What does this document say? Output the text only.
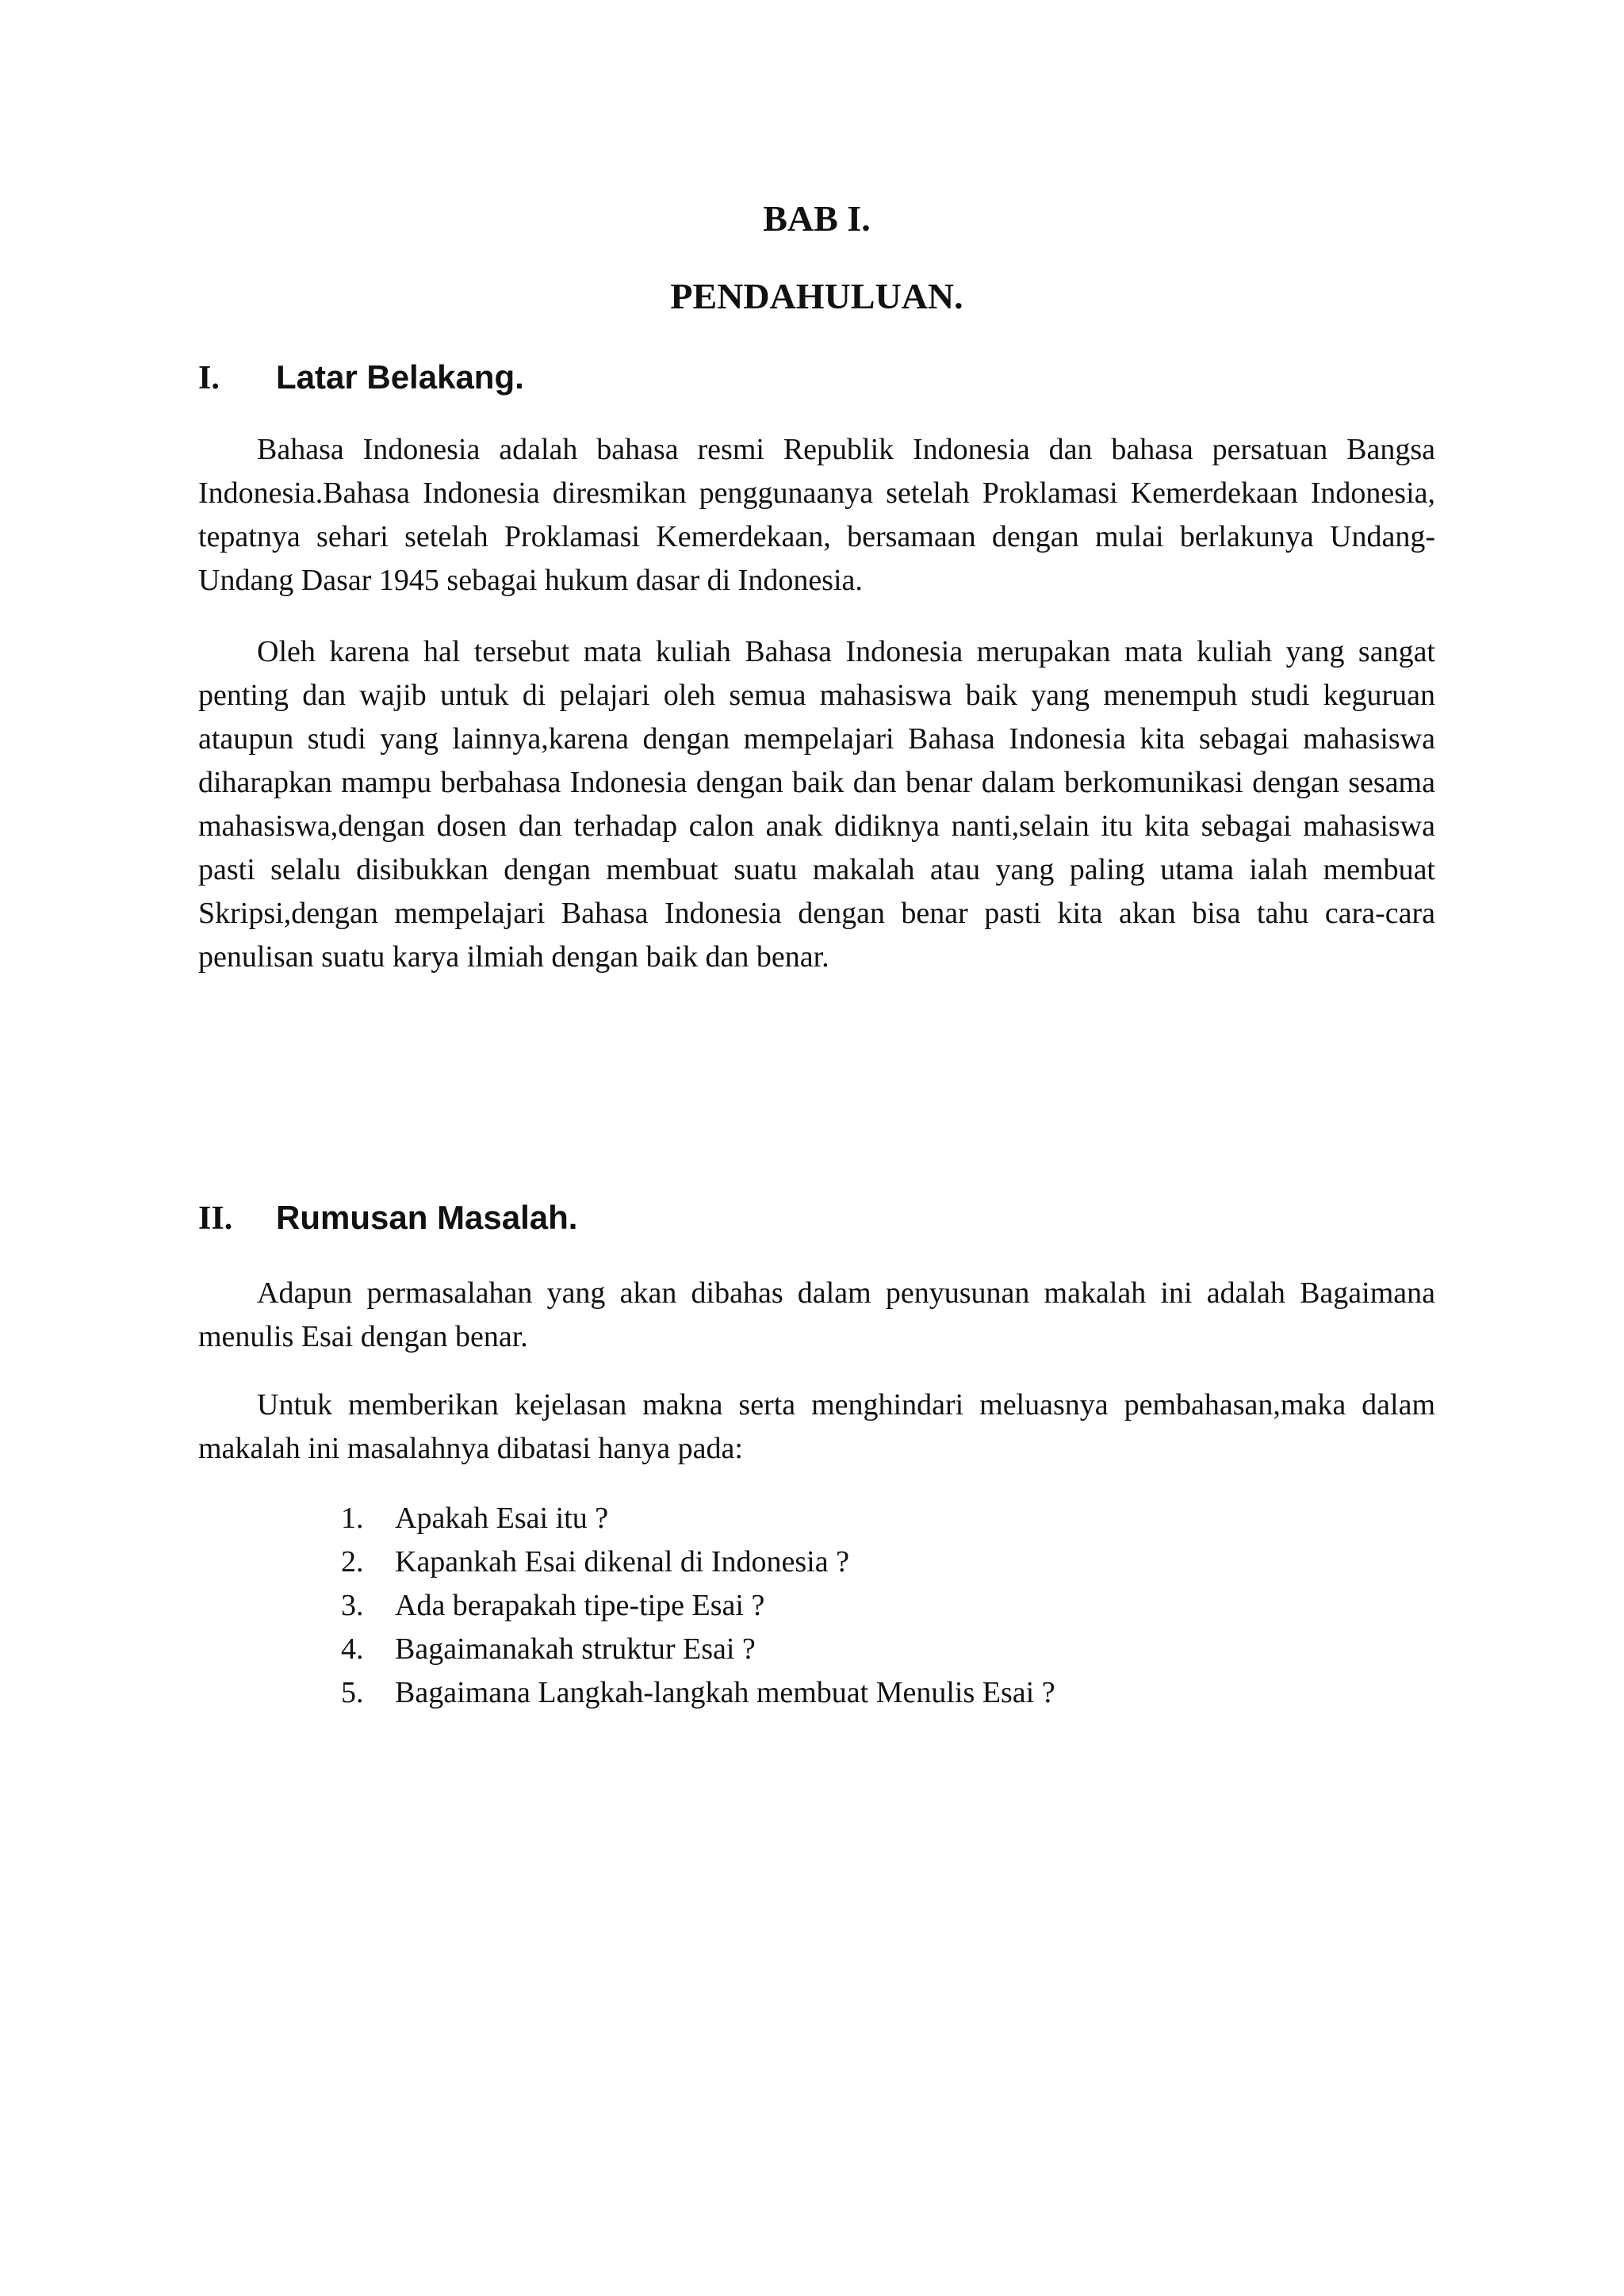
BAB I.
PENDAHULUAN.
I. Latar Belakang.

Bahasa Indonesia adalah bahasa resmi Republik Indonesia dan bahasa persatuan Bangsa Indonesia.Bahasa Indonesia diresmikan penggunaanya setelah Proklamasi Kemerdekaan Indonesia, tepatnya sehari setelah Proklamasi Kemerdekaan, bersamaan dengan mulai berlakunya Undang-Undang Dasar 1945 sebagai hukum dasar di Indonesia.

Oleh karena hal tersebut mata kuliah Bahasa Indonesia merupakan mata kuliah yang sangat penting dan wajib untuk di pelajari oleh semua mahasiswa baik yang menempuh studi keguruan ataupun studi yang lainnya,karena dengan mempelajari Bahasa Indonesia kita sebagai mahasiswa diharapkan mampu berbahasa Indonesia dengan baik dan benar dalam berkomunikasi dengan sesama mahasiswa,dengan dosen dan terhadap calon anak didiknya nanti,selain itu kita sebagai mahasiswa pasti selalu disibukkan dengan membuat suatu makalah atau yang paling utama ialah membuat Skripsi,dengan mempelajari Bahasa Indonesia dengan benar pasti kita akan bisa tahu cara-cara penulisan suatu karya ilmiah dengan baik dan benar.

II. Rumusan Masalah.

Adapun permasalahan yang akan dibahas dalam penyusunan makalah ini adalah Bagaimana menulis Esai dengan benar.

Untuk memberikan kejelasan makna serta menghindari meluasnya pembahasan,maka dalam makalah ini masalahnya dibatasi hanya pada:

1.	Apakah Esai itu ?
2.	Kapankah Esai dikenal di Indonesia ?
3.	Ada berapakah tipe-tipe Esai ?
4.	Bagaimanakah struktur Esai ?
5.	Bagaimana Langkah-langkah membuat Menulis Esai ?
